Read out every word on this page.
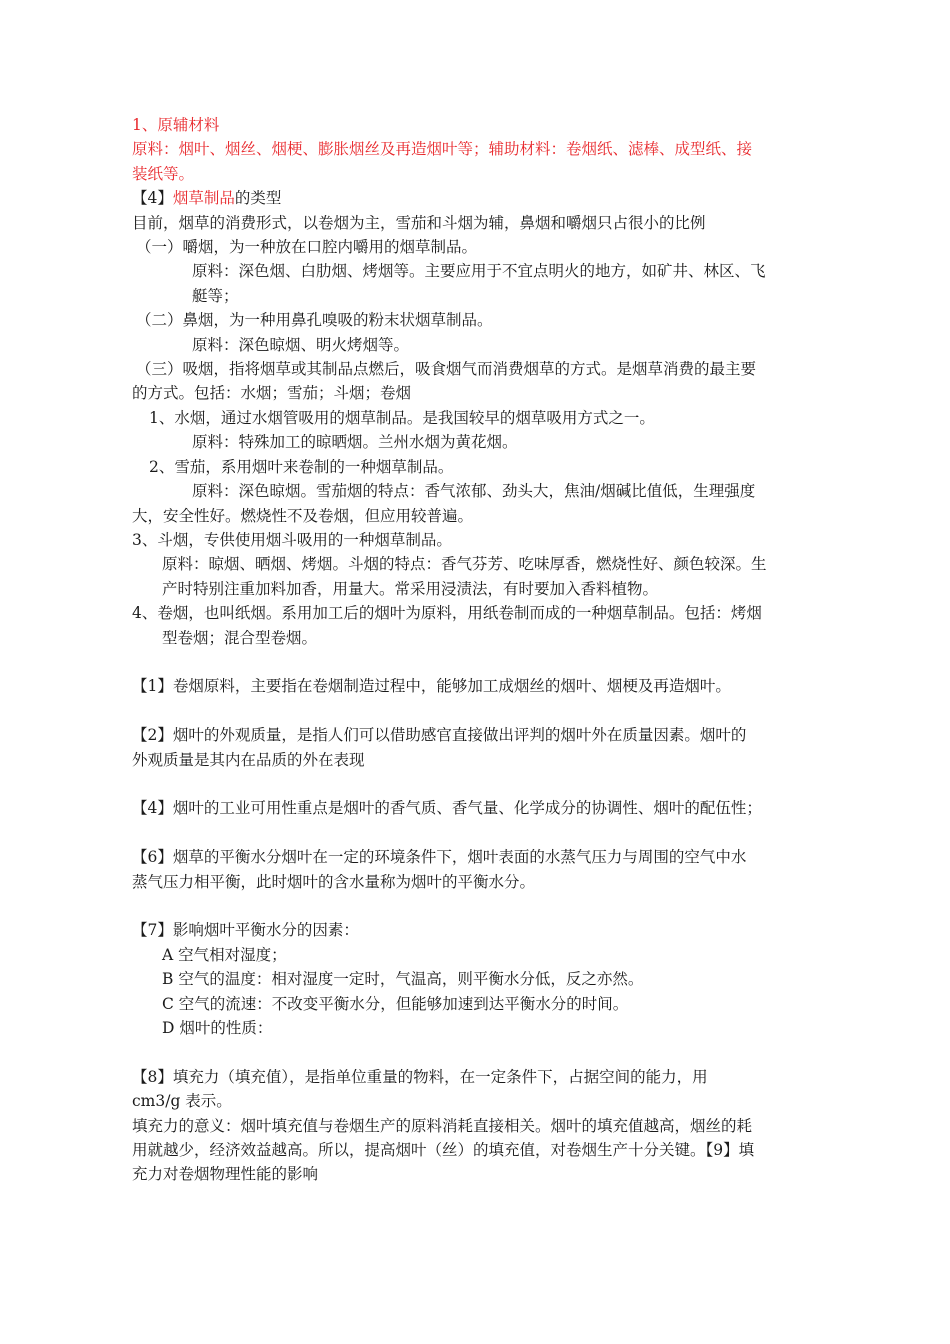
1、原辅材料

原料：烟叶、烟丝、烟梗、膨胀烟丝及再造烟叶等；辅助材料：卷烟纸、滤棒、成型纸、接

装纸等。

【4】烟草制品的类型

目前，烟草的消费形式，以卷烟为主，雪茄和斗烟为辅，鼻烟和嚼烟只占很小的比例

（一）嚼烟，为一种放在口腔内嚼用的烟草制品。

原料：深色烟、白肋烟、烤烟等。主要应用于不宜点明火的地方，如矿井、林区、飞

艇等；

（二）鼻烟，为一种用鼻孔嗅吸的粉末状烟草制品。

原料：深色晾烟、明火烤烟等。

（三）吸烟，指将烟草或其制品点燃后，吸食烟气而消费烟草的方式。是烟草消费的最主要

的方式。包括：水烟；雪茄；斗烟；卷烟

1、水烟，通过水烟管吸用的烟草制品。是我国较早的烟草吸用方式之一。

原料：特殊加工的晾晒烟。兰州水烟为黄花烟。

2、雪茄，系用烟叶来卷制的一种烟草制品。

原料：深色晾烟。雪茄烟的特点：香气浓郁、劲头大，焦油/烟碱比值低，生理强度

大，安全性好。燃烧性不及卷烟，但应用较普遍。

3、斗烟，专供使用烟斗吸用的一种烟草制品。

原料：晾烟、晒烟、烤烟。斗烟的特点：香气芬芳、吃味厚香，燃烧性好、颜色较深。生

产时特别注重加料加香，用量大。常采用浸渍法，有时要加入香料植物。

4、卷烟，也叫纸烟。系用加工后的烟叶为原料，用纸卷制而成的一种烟草制品。包括：烤烟

型卷烟；混合型卷烟。

【1】卷烟原料，主要指在卷烟制造过程中，能够加工成烟丝的烟叶、烟梗及再造烟叶。

【2】烟叶的外观质量，是指人们可以借助感官直接做出评判的烟叶外在质量因素。烟叶的

外观质量是其内在品质的外在表现

【4】烟叶的工业可用性重点是烟叶的香气质、香气量、化学成分的协调性、烟叶的配伍性；

【6】烟草的平衡水分烟叶在一定的环境条件下，烟叶表面的水蒸气压力与周围的空气中水

蒸气压力相平衡，此时烟叶的含水量称为烟叶的平衡水分。

【7】影响烟叶平衡水分的因素：

A 空气相对湿度；

B 空气的温度：相对湿度一定时，气温高，则平衡水分低，反之亦然。

C 空气的流速：不改变平衡水分，但能够加速到达平衡水分的时间。

D 烟叶的性质：

【8】填充力（填充值），是指单位重量的物料，在一定条件下，占据空间的能力，用

cm3/g 表示。

填充力的意义：烟叶填充值与卷烟生产的原料消耗直接相关。烟叶的填充值越高，烟丝的耗

用就越少，经济效益越高。所以，提高烟叶（丝）的填充值，对卷烟生产十分关键。【9】填

充力对卷烟物理性能的影响
